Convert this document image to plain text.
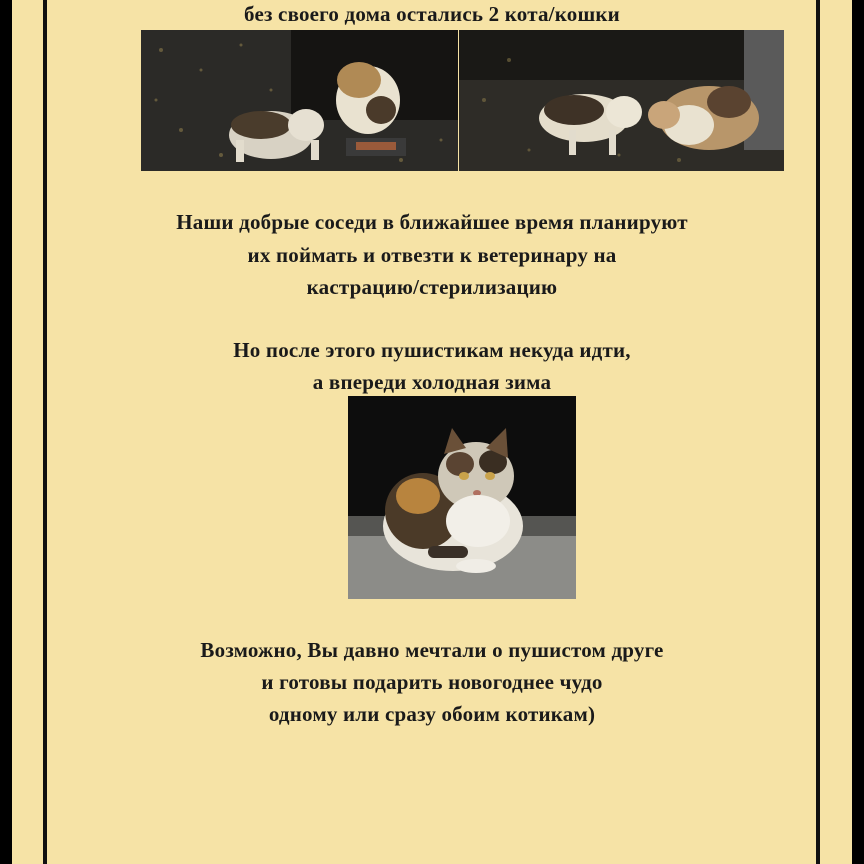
без своего дома остались 2 кота/кошки
Наши добрые соседи в ближайшее время планируют
их поймать и отвезти к ветеринару на
кастрацию/стерилизацию
Но после этого пушистикам некуда идти,
а впереди холодная зима
Возможно, Вы давно мечтали о пушистом друге
и готовы подарить новогоднее чудо
одному или сразу обоим котикам)
